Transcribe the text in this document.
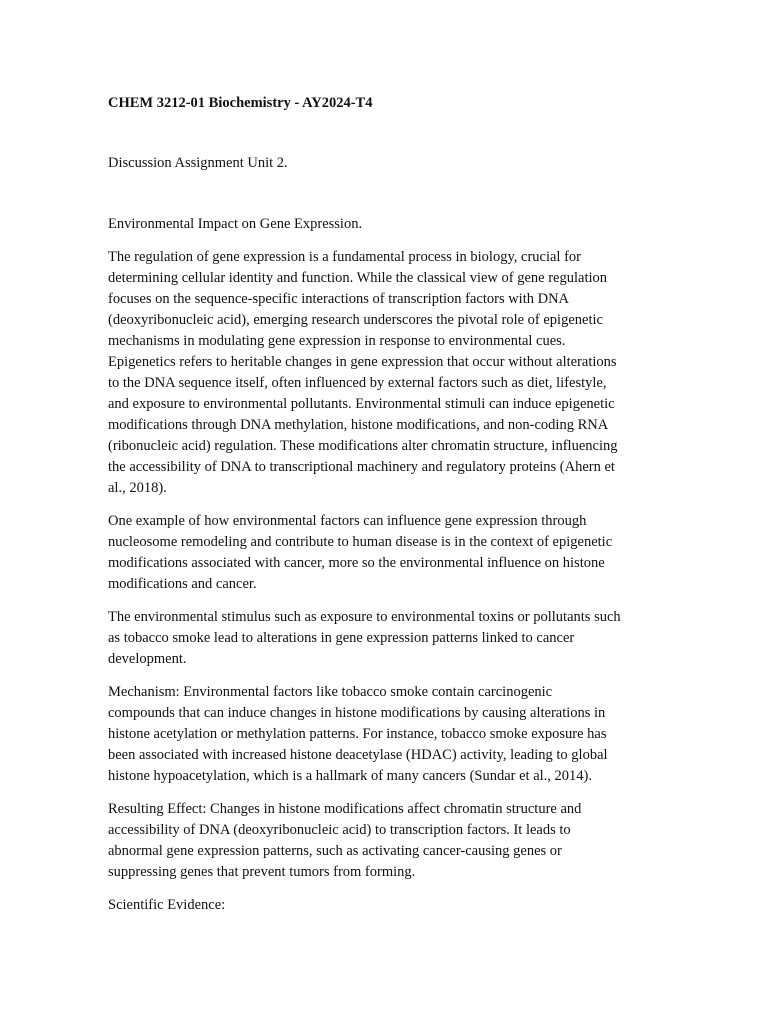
CHEM 3212-01 Biochemistry - AY2024-T4

Discussion Assignment Unit 2.

Environmental Impact on Gene Expression.

The regulation of gene expression is a fundamental process in biology, crucial for
determining cellular identity and function. While the classical view of gene regulation
focuses on the sequence-specific interactions of transcription factors with DNA
(deoxyribonucleic acid), emerging research underscores the pivotal role of epigenetic
mechanisms in modulating gene expression in response to environmental cues.
Epigenetics refers to heritable changes in gene expression that occur without alterations
to the DNA sequence itself, often influenced by external factors such as diet, lifestyle,
and exposure to environmental pollutants. Environmental stimuli can induce epigenetic
modifications through DNA methylation, histone modifications, and non-coding RNA
(ribonucleic acid) regulation. These modifications alter chromatin structure, influencing
the accessibility of DNA to transcriptional machinery and regulatory proteins (Ahern et
al., 2018).

One example of how environmental factors can influence gene expression through
nucleosome remodeling and contribute to human disease is in the context of epigenetic
modifications associated with cancer, more so the environmental influence on histone
modifications and cancer.

The environmental stimulus such as exposure to environmental toxins or pollutants such
as tobacco smoke lead to alterations in gene expression patterns linked to cancer
development.

Mechanism: Environmental factors like tobacco smoke contain carcinogenic
compounds that can induce changes in histone modifications by causing alterations in
histone acetylation or methylation patterns. For instance, tobacco smoke exposure has
been associated with increased histone deacetylase (HDAC) activity, leading to global
histone hypoacetylation, which is a hallmark of many cancers (Sundar et al., 2014).

Resulting Effect: Changes in histone modifications affect chromatin structure and
accessibility of DNA (deoxyribonucleic acid) to transcription factors. It leads to
abnormal gene expression patterns, such as activating cancer-causing genes or
suppressing genes that prevent tumors from forming.

Scientific Evidence:
